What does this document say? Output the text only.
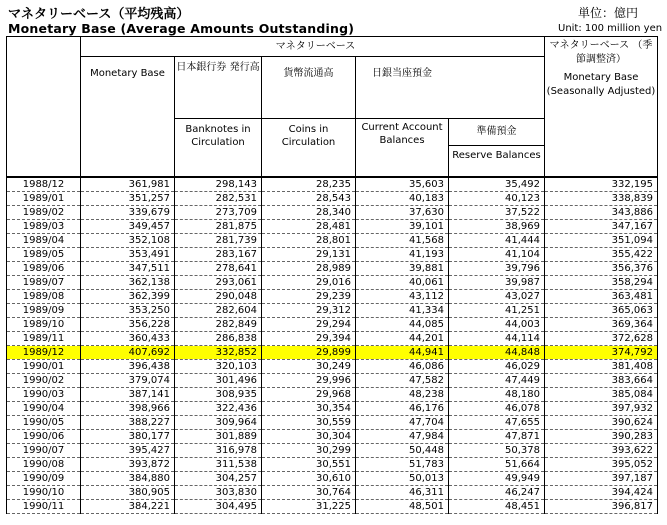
マネタリーベース（平均残高）	単位：億円
Monetary Base (Average Amounts Outstanding)	Unit: 100 million yen
	マネタリーベース					マネタリーベース （季節調整済）
Monetary Base (Seasonally Adjusted)

	Monetary Base	日本銀行券 発行高	貨幣流通高	日銀当座預金		
		Banknotes in Circulation	Coins in Circulation	Current Account Balances	準備預金
Reserve Balances	

1988/12	361,981	298,143	28,235	35,603	35,492	332,195
1989/01	351,257	282,531	28,543	40,183	40,123	338,839
1989/02	339,679	273,709	28,340	37,630	37,522	343,886
1989/03	349,457	281,875	28,481	39,101	38,969	347,167
1989/04	352,108	281,739	28,801	41,568	41,444	351,094
1989/05	353,491	283,167	29,131	41,193	41,104	355,422
1989/06	347,511	278,641	28,989	39,881	39,796	356,376
1989/07	362,138	293,061	29,016	40,061	39,987	358,294
1989/08	362,399	290,048	29,239	43,112	43,027	363,481
1989/09	353,250	282,604	29,312	41,334	41,251	365,063
1989/10	356,228	282,849	29,294	44,085	44,003	369,364
1989/11	360,433	286,838	29,394	44,201	44,114	372,628
1989/12	407,692	332,852	29,899	44,941	44,848	374,792
1990/01	396,438	320,103	30,249	46,086	46,029	381,408
1990/02	379,074	301,496	29,996	47,582	47,449	383,664
1990/03	387,141	308,935	29,968	48,238	48,180	385,084
1990/04	398,966	322,436	30,354	46,176	46,078	397,932
1990/05	388,227	309,964	30,559	47,704	47,655	390,624
1990/06	380,177	301,889	30,304	47,984	47,871	390,283
1990/07	395,427	316,978	30,299	50,448	50,378	393,622
1990/08	393,872	311,538	30,551	51,783	51,664	395,052
1990/09	384,880	304,257	30,610	50,013	49,949	397,187
1990/10	380,905	303,830	30,764	46,311	46,247	394,424
1990/11	384,221	304,495	31,225	48,501	48,451	396,817
